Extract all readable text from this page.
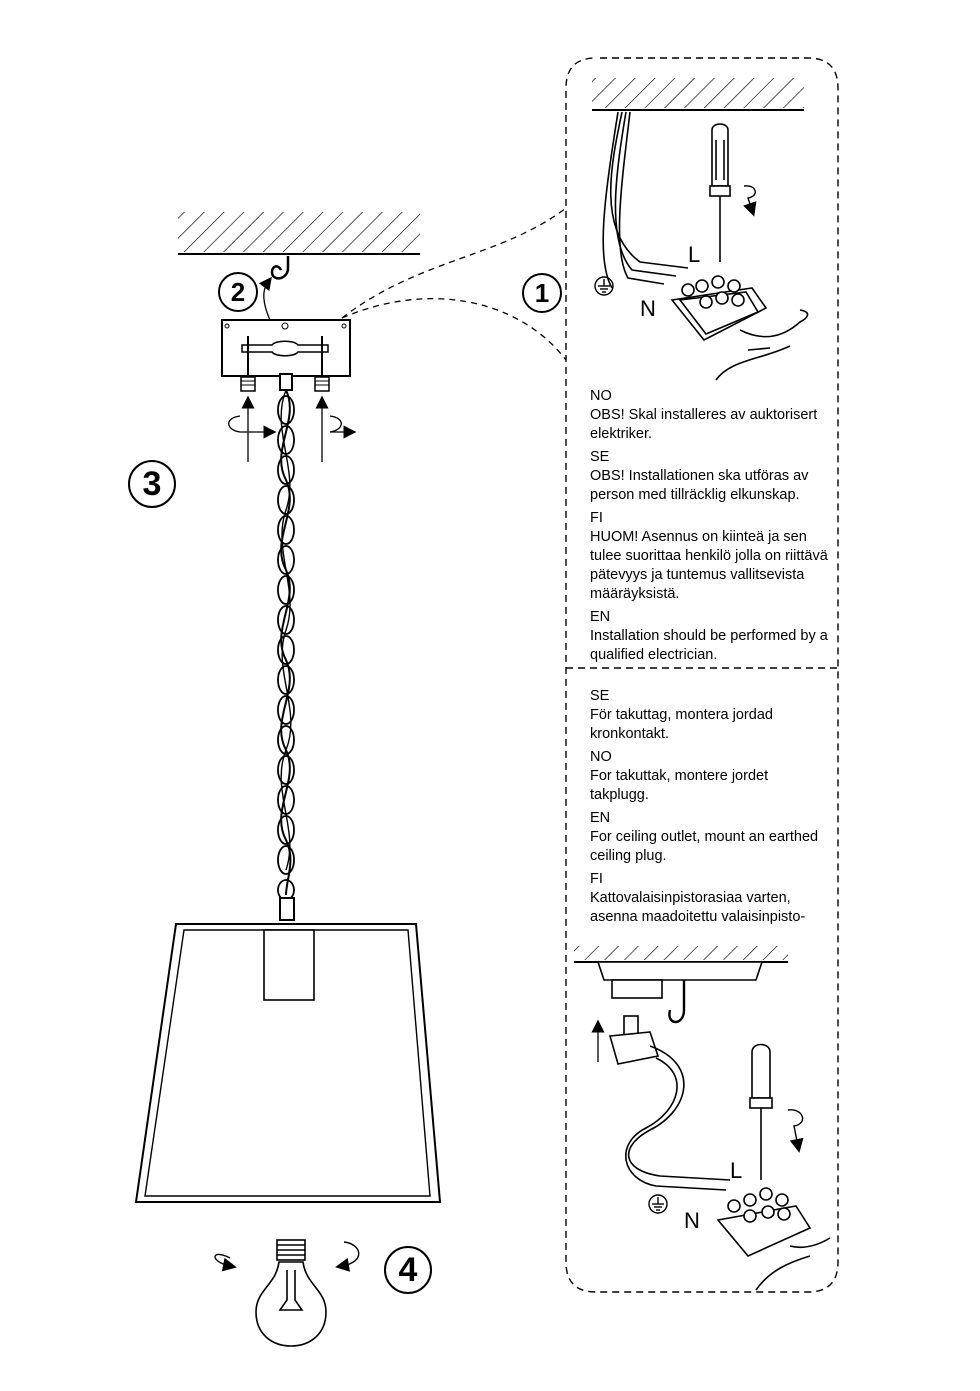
2	1
3
4
L
N
L
N
NO
OBS! Skal installeres av auktorisert elektriker.
SE
OBS! Installationen ska utföras av person med tillräcklig elkunskap.
FI
HUOM! Asennus on kiinteä ja sen tulee suorittaa henkilö jolla on riittävä pätevyys ja tuntemus vallitsevista määräyksistä.
EN
Installation should be performed by a qualified electrician.
SE
För takuttag, montera jordad kronkontakt.
NO
For takuttak, montere jordet takplugg.
EN
For ceiling outlet, mount an earthed ceiling plug.
FI
Kattovalaisinpistorasiaa varten, asenna maadoitettu valaisinpisto-
